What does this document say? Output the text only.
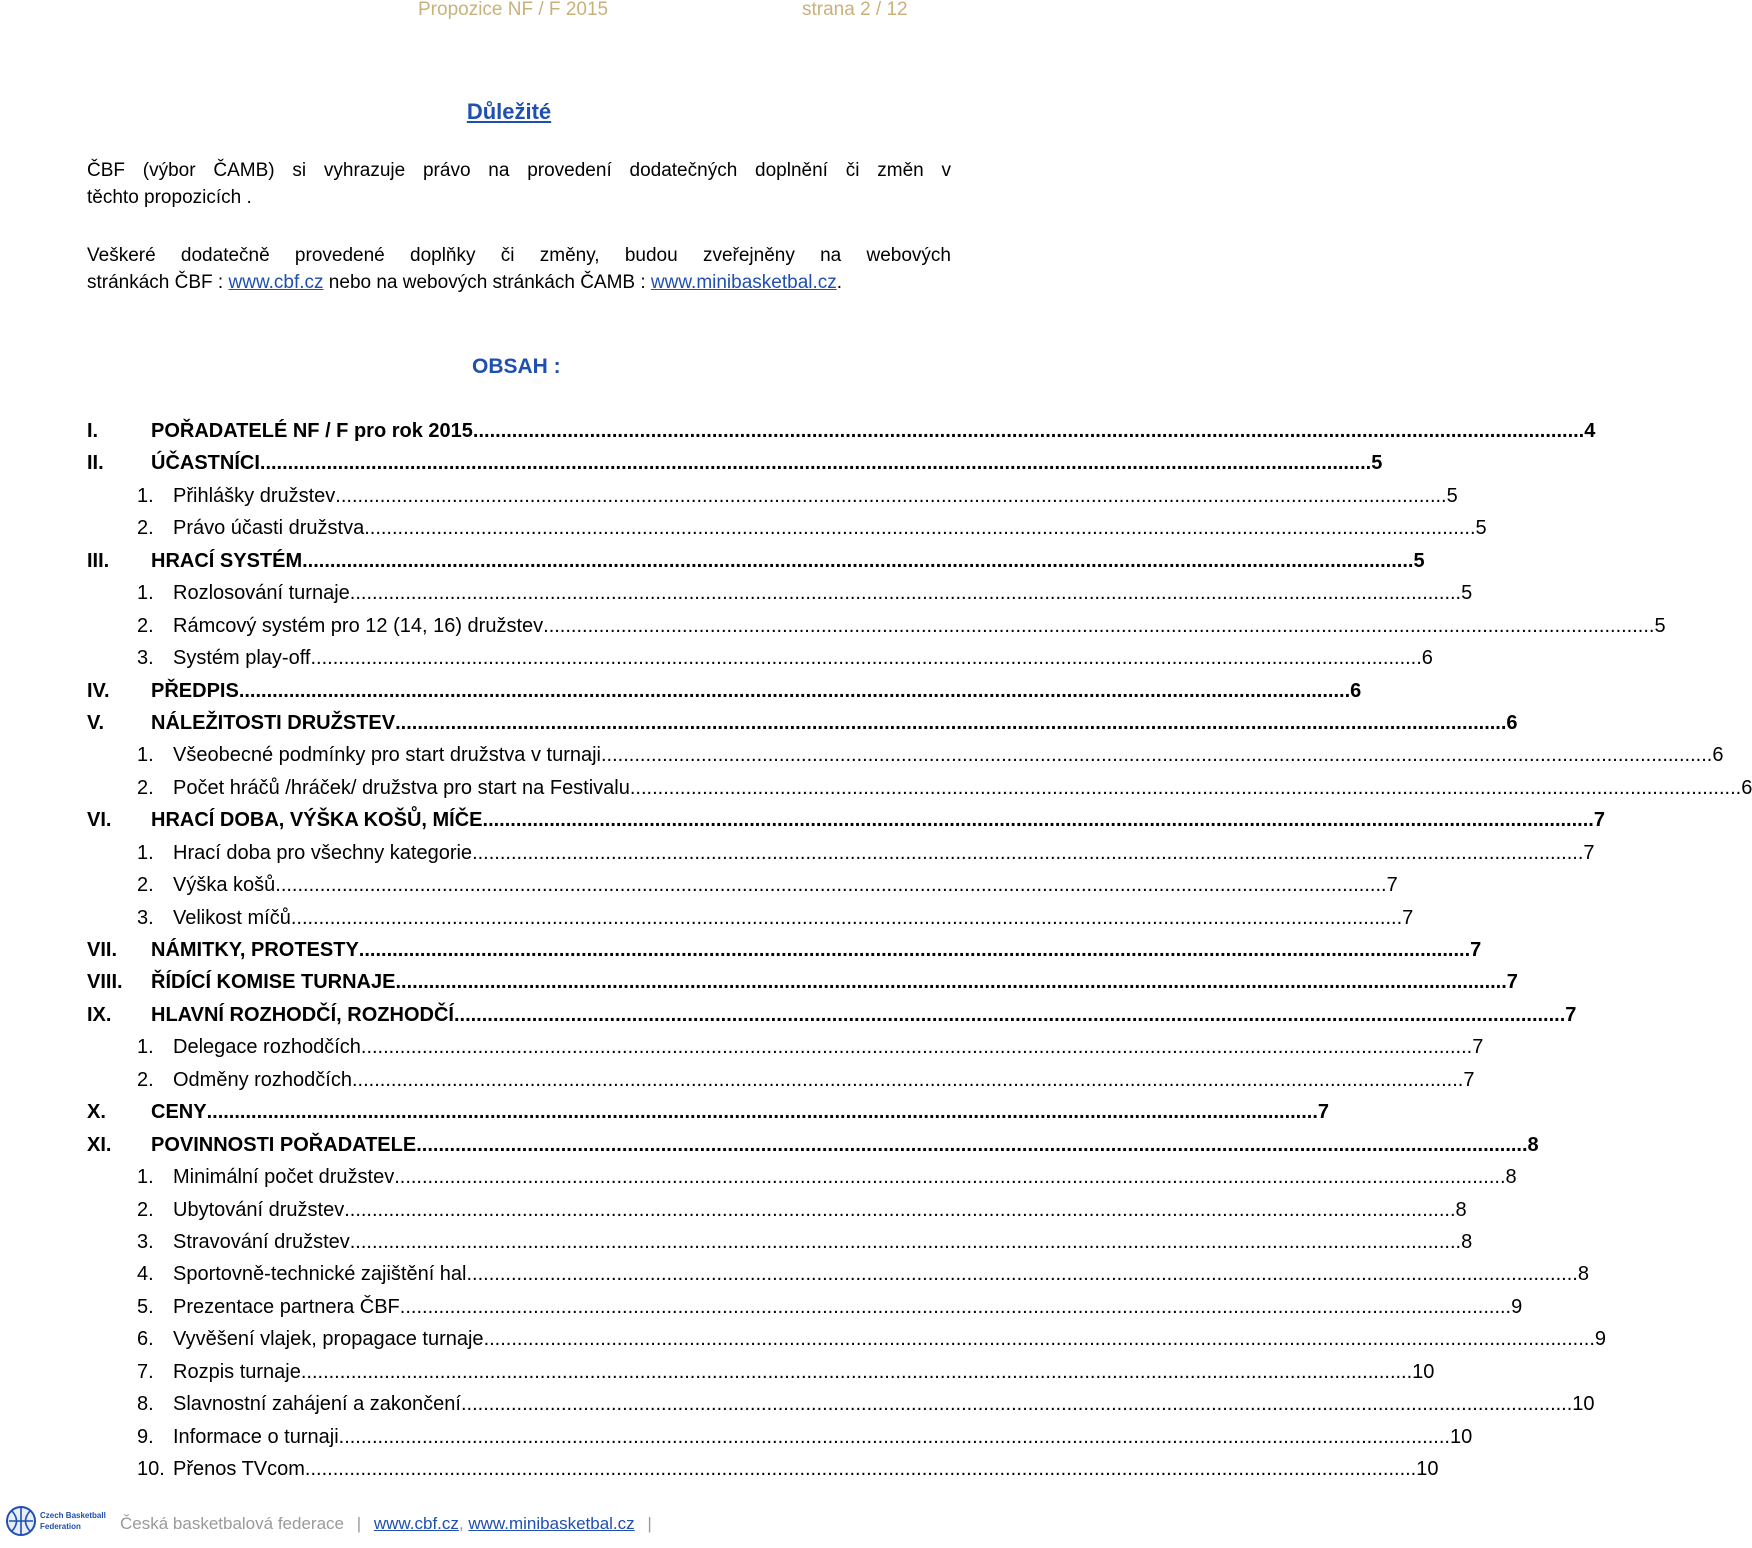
Propozice NF / F 2015	strana 2 / 12
Důležité
ČBF (výbor ČAMB) si vyhrazuje právo na provedení dodatečných doplnění či změn v
těchto propozicích .
Veškeré dodatečně provedené doplňky či změny, budou zveřejněny na webových
stránkách ČBF : www.cbf.cz nebo na webových stránkách ČAMB : www.minibasketbal.cz.
OBSAH :
I.	POŘADATELÉ NF / F pro rok 2015 ........................................................................................................................................................................................................ 4
II. ÚČASTNÍCI ........................................................................................................................................................................................................ 5
1. Přihlášky družstev ........................................................................................................................................................................................................ 5
2. Právo účasti družstva ........................................................................................................................................................................................................ 5
III. HRACÍ SYSTÉM ........................................................................................................................................................................................................ 5
1. Rozlosování turnaje ........................................................................................................................................................................................................ 5
2. Rámcový systém pro 12 (14, 16) družstev ........................................................................................................................................................................................................ 5
3. Systém play-off ........................................................................................................................................................................................................ 6
IV. PŘEDPIS ........................................................................................................................................................................................................ 6
V. NÁLEŽITOSTI DRUŽSTEV ........................................................................................................................................................................................................ 6
1. Všeobecné podmínky pro start družstva v turnaji ........................................................................................................................................................................................................ 6
2. Počet hráčů /hráček/ družstva pro start na Festivalu ........................................................................................................................................................................................................ 6
VI. HRACÍ DOBA, VÝŠKA KOŠŮ, MÍČE ........................................................................................................................................................................................................ 7
1. Hrací doba pro všechny kategorie ........................................................................................................................................................................................................ 7
2. Výška košů ........................................................................................................................................................................................................ 7
3. Velikost míčů ........................................................................................................................................................................................................ 7
VII. NÁMITKY, PROTESTY ........................................................................................................................................................................................................ 7
VIII. ŘÍDÍCÍ KOMISE TURNAJE ........................................................................................................................................................................................................ 7
IX. HLAVNÍ ROZHODČÍ, ROZHODČÍ ........................................................................................................................................................................................................ 7
1. Delegace rozhodčích ........................................................................................................................................................................................................ 7
2. Odměny rozhodčích ........................................................................................................................................................................................................ 7
X. CENY ........................................................................................................................................................................................................ 7
XI. POVINNOSTI POŘADATELE ........................................................................................................................................................................................................ 8
1. Minimální počet družstev ........................................................................................................................................................................................................ 8
2. Ubytování družstev ........................................................................................................................................................................................................ 8
3. Stravování družstev ........................................................................................................................................................................................................ 8
4. Sportovně-technické zajištění hal ........................................................................................................................................................................................................ 8
5. Prezentace partnera ČBF ........................................................................................................................................................................................................ 9
6. Vyvěšení vlajek, propagace turnaje ........................................................................................................................................................................................................ 9
7. Rozpis turnaje ........................................................................................................................................................................................................ 10
8. Slavnostní zahájení a zakončení ........................................................................................................................................................................................................ 10
9. Informace o turnaji ........................................................................................................................................................................................................ 10
10. Přenos TVcom ........................................................................................................................................................................................................ 10
Czech Basketball
Federation Česká basketbalová federace | www.cbf.cz, www.minibasketbal.cz |
